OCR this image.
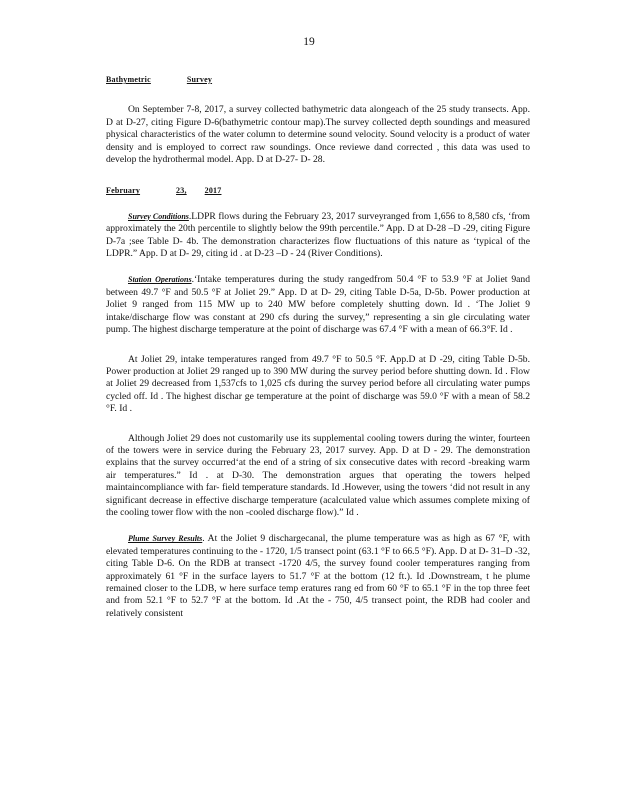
19

Bathymetric	Survey

On September 7-8, 2017, a survey collected bathymetric data alongeach of the 25 study transects. App. D at D-27, citing Figure D-6(bathymetric contour map).The survey collected depth soundings and measured physical characteristics of the water column to determine sound velocity. Sound velocity is a product of water density and is employed to correct raw soundings. Once reviewe dand corrected , this data was used to develop the hydrothermal model. App. D at D-27- D- 28.

February	23, 2017

Survey Conditions.LDPR flows during the February 23, 2017 surveyranged from 1,656 to 8,580 cfs, ‘from approximately the 20th percentile to slightly below the 99th percentile.” App. D at D-28 –D -29, citing Figure D-7a ;see Table D- 4b. The demonstration characterizes flow fluctuations of this nature as ‘typical of the LDPR.” App. D at D- 29, citing id . at D-23 –D - 24 (River Conditions).

Station Operations.‘Intake temperatures during the study rangedfrom 50.4 °F to 53.9 °F at Joliet 9and between 49.7 °F and 50.5 °F at Joliet 29.” App. D at D- 29, citing Table D-5a, D-5b. Power production at Joliet 9 ranged from 115 MW up to 240 MW before completely shutting down. Id . ‘The Joliet 9 intake/discharge flow was constant at 290 cfs during the survey,” representing a sin gle circulating water pump. The highest discharge temperature at the point of discharge was 67.4 °F with a mean of 66.3°F. Id .

At Joliet 29, intake temperatures ranged from 49.7 °F to 50.5 °F. App.D at D -29, citing Table D-5b. Power production at Joliet 29 ranged up to 390 MW during the survey period before shutting down. Id . Flow at Joliet 29 decreased from 1,537cfs to 1,025 cfs during the survey period before all circulating water pumps cycled off. Id . The highest dischar ge temperature at the point of discharge was 59.0 °F with a mean of 58.2 °F. Id .

Although Joliet 29 does not customarily use its supplemental cooling towers during the winter, fourteen of the towers were in service during the February 23, 2017 survey. App. D at D - 29. The demonstration explains that the survey occurred‘at the end of a string of six consecutive dates with record -breaking warm air temperatures.” Id . at D-30. The demonstration argues that operating the towers helped maintaincompliance with far- field temperature standards. Id .However, using the towers ‘did not result in any significant decrease in effective discharge temperature (acalculated value which assumes complete mixing of the cooling tower flow with the non -cooled discharge flow).” Id .

Plume Survey Results. At the Joliet 9 dischargecanal, the plume temperature was as high as 67 °F, with elevated temperatures continuing to the - 1720, 1/5 transect point (63.1 °F to 66.5 °F). App. D at D- 31–D -32, citing Table D-6. On the RDB at transect -1720 4/5, the survey found cooler temperatures ranging from approximately 61 °F in the surface layers to 51.7 °F at the bottom (12 ft.). Id .Downstream, t he plume remained closer to the LDB, w here surface temp eratures rang ed from 60 °F to 65.1 °F in the top three feet and from 52.1 °F to 52.7 °F at the bottom. Id .At the - 750, 4/5 transect point, the RDB had cooler and relatively consistent
